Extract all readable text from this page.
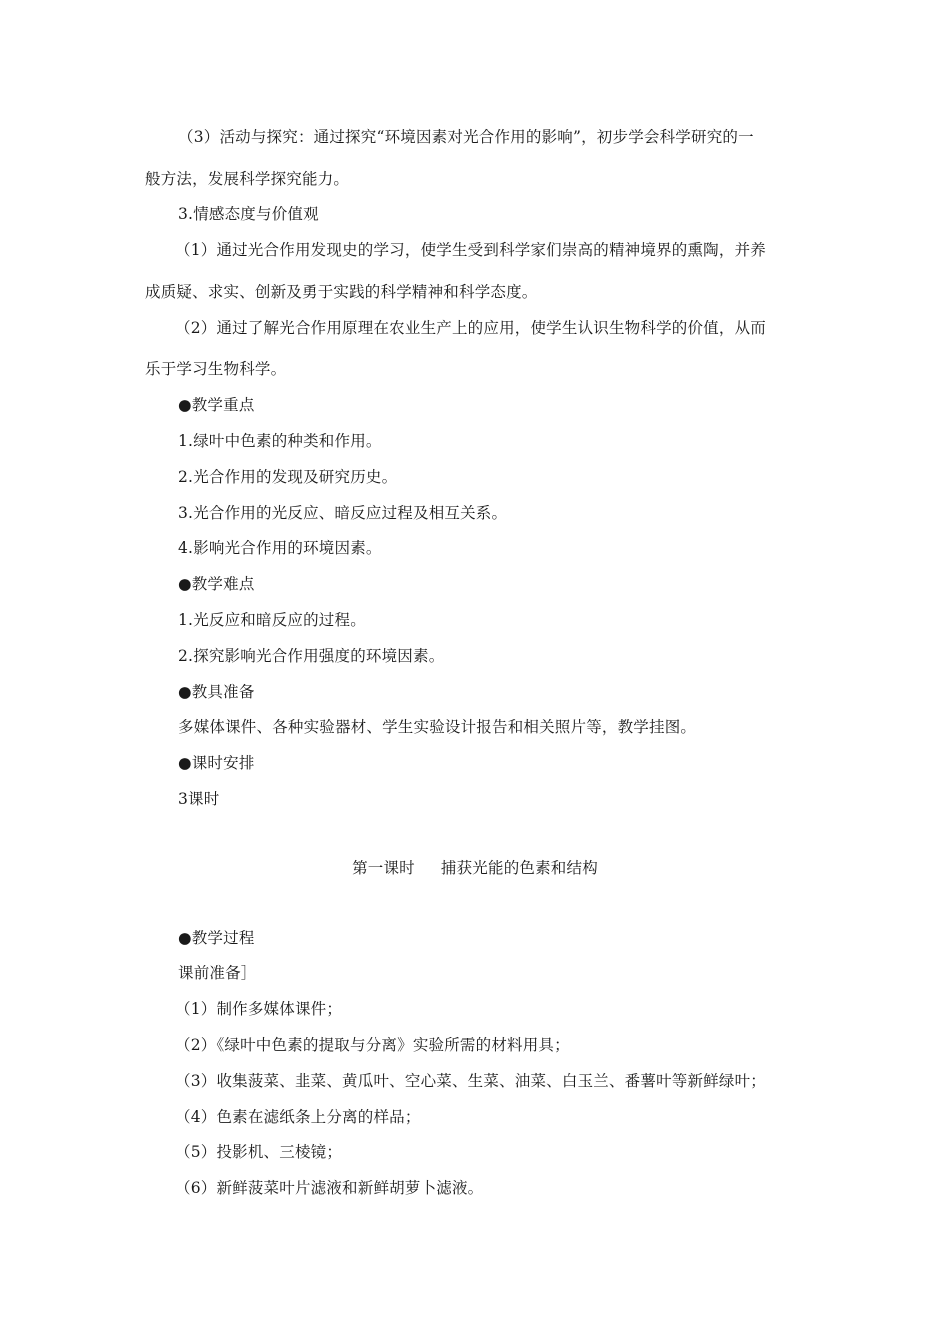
（3）活动与探究：通过探究“环境因素对光合作用的影响”，初步学会科学研究的一
般方法，发展科学探究能力。
3.情感态度与价值观
（1）通过光合作用发现史的学习，使学生受到科学家们崇高的精神境界的熏陶，并养
成质疑、求实、创新及勇于实践的科学精神和科学态度。
（2）通过了解光合作用原理在农业生产上的应用，使学生认识生物科学的价值，从而
乐于学习生物科学。
●教学重点
1.绿叶中色素的种类和作用。
2.光合作用的发现及研究历史。
3.光合作用的光反应、暗反应过程及相互关系。
4.影响光合作用的环境因素。
●教学难点
1.光反应和暗反应的过程。
2.探究影响光合作用强度的环境因素。
●教具准备
多媒体课件、各种实验器材、学生实验设计报告和相关照片等，教学挂图。
●课时安排
3课时
第一课时 捕获光能的色素和结构
●教学过程
课前准备］
（1）制作多媒体课件；
（2）《绿叶中色素的提取与分离》实验所需的材料用具；
（3）收集菠菜、韭菜、黄瓜叶、空心菜、生菜、油菜、白玉兰、番薯叶等新鲜绿叶；
（4）色素在滤纸条上分离的样品；
（5）投影机、三棱镜；
（6）新鲜菠菜叶片滤液和新鲜胡萝卜滤液。
